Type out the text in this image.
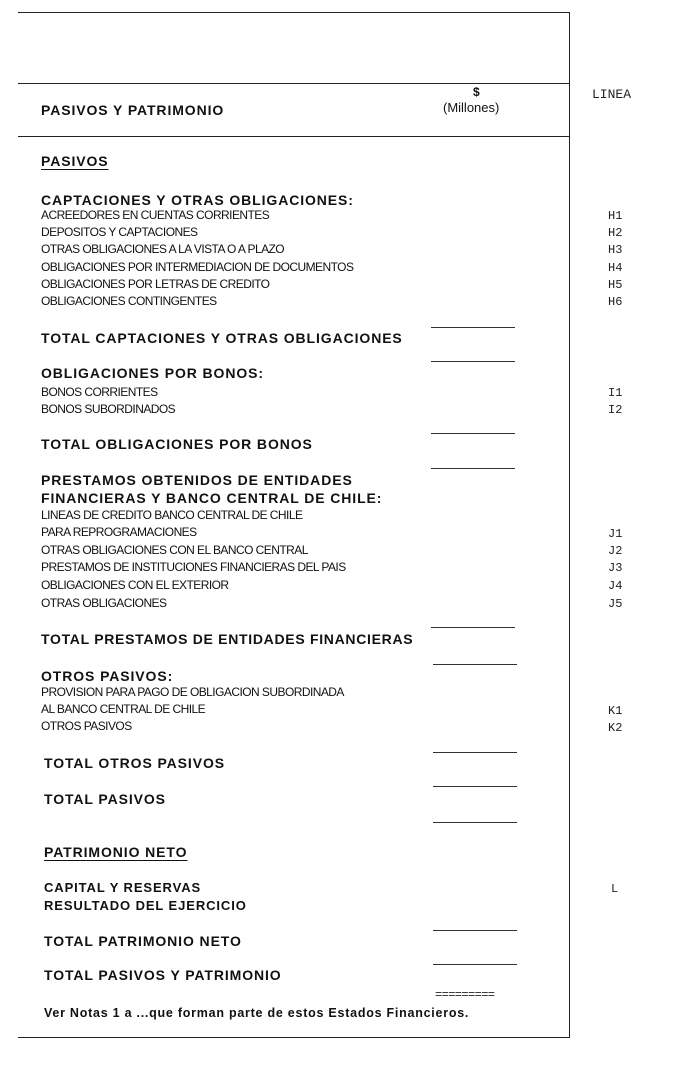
PASIVOS Y PATRIMONIO
$
(Millones)
LINEA
PASIVOS
CAPTACIONES Y OTRAS OBLIGACIONES:
ACREEDORES EN CUENTAS CORRIENTES	H1
DEPOSITOS Y CAPTACIONES	H2
OTRAS OBLIGACIONES A LA VISTA O A PLAZO	H3
OBLIGACIONES POR INTERMEDIACION DE DOCUMENTOS	H4
OBLIGACIONES POR LETRAS DE CREDITO	H5
OBLIGACIONES CONTINGENTES	H6
TOTAL CAPTACIONES Y OTRAS OBLIGACIONES
OBLIGACIONES POR BONOS:
BONOS CORRIENTES	I1
BONOS SUBORDINADOS	I2
TOTAL OBLIGACIONES POR BONOS
PRESTAMOS OBTENIDOS DE ENTIDADES
FINANCIERAS Y BANCO CENTRAL DE CHILE:
LINEAS DE CREDITO BANCO CENTRAL DE CHILE
PARA REPROGRAMACIONES	J1
OTRAS OBLIGACIONES CON EL BANCO CENTRAL	J2
PRESTAMOS DE INSTITUCIONES FINANCIERAS DEL PAIS	J3
OBLIGACIONES CON EL EXTERIOR	J4
OTRAS OBLIGACIONES	J5
TOTAL PRESTAMOS DE ENTIDADES FINANCIERAS
OTROS PASIVOS:
PROVISION PARA PAGO DE OBLIGACION SUBORDINADA
AL BANCO CENTRAL DE CHILE	K1
OTROS PASIVOS	K2
TOTAL OTROS PASIVOS
TOTAL PASIVOS
PATRIMONIO NETO
CAPITAL Y RESERVAS	L
RESULTADO DEL EJERCICIO
TOTAL PATRIMONIO NETO
TOTAL PASIVOS Y PATRIMONIO
=========
Ver Notas 1 a ...que forman parte de estos Estados Financieros.
